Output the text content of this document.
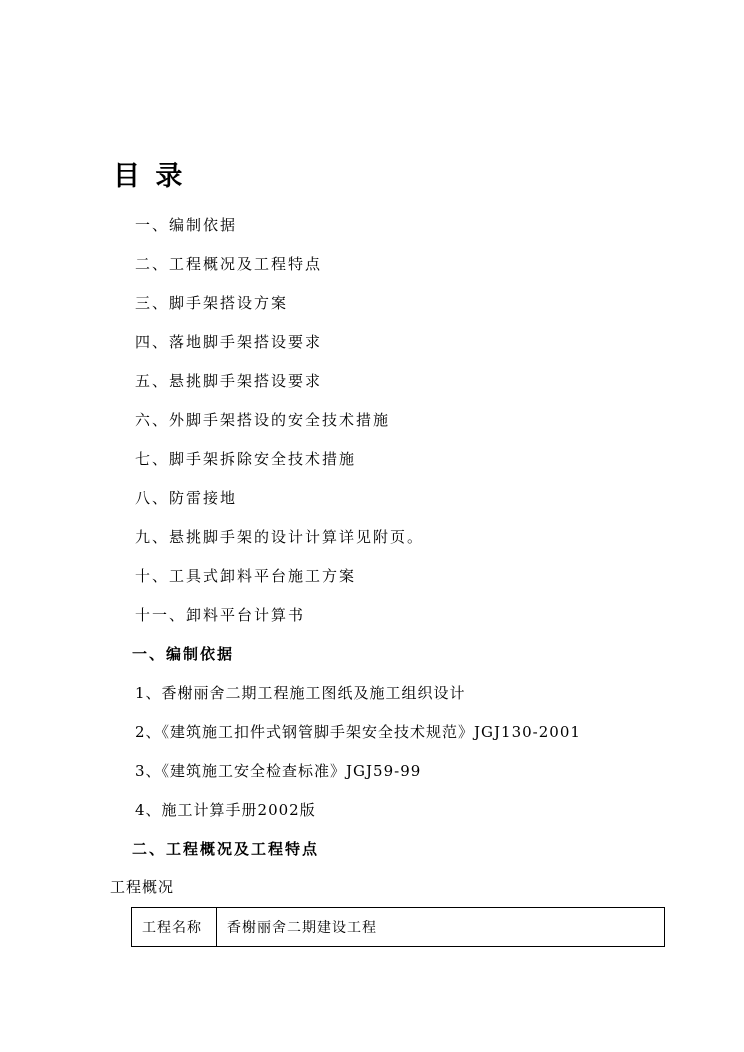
目 录
一、编制依据
二、工程概况及工程特点
三、脚手架搭设方案
四、落地脚手架搭设要求
五、悬挑脚手架搭设要求
六、外脚手架搭设的安全技术措施
七、脚手架拆除安全技术措施
八、防雷接地
九、悬挑脚手架的设计计算详见附页。
十、工具式卸料平台施工方案
十一、卸料平台计算书
一、编制依据
1、香榭丽舍二期工程施工图纸及施工组织设计
2、《建筑施工扣件式钢管脚手架安全技术规范》JGJ130-2001
3、《建筑施工安全检查标准》JGJ59-99
4、施工计算手册2002版
二、工程概况及工程特点

工程概况

工程名称	香榭丽舍二期建设工程
